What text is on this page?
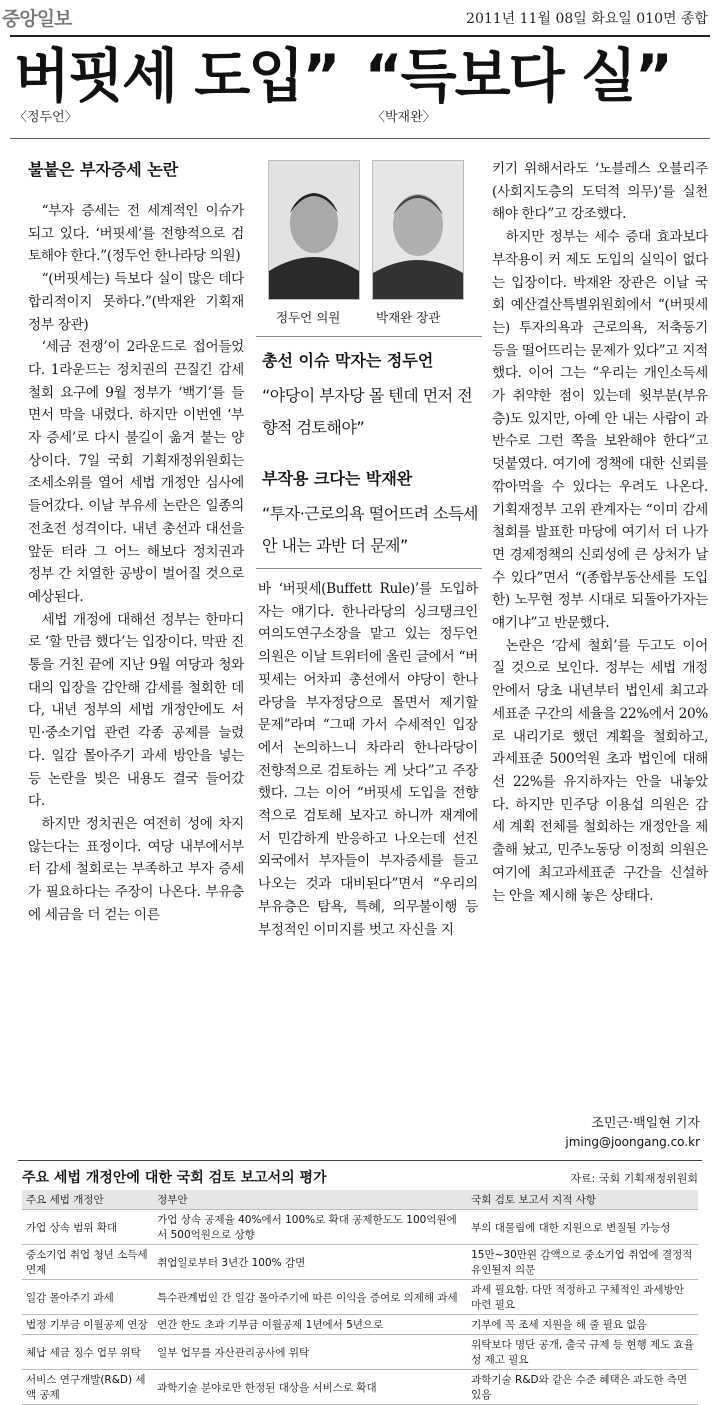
중앙일보	2011년 11월 08일 화요일 010면 종합
버핏세 도입” “득보다 실”
〈정두언〉	〈박재완〉
불붙은 부자증세 논란

“부자 증세는 전 세계적인 이슈가 되고 있다. ‘버핏세’를 전향적으로 검토해야 한다.”(정두언 한나라당 의원)

“(버핏세는) 득보다 실이 많은 데다 합리적이지 못하다.”(박재완 기획재정부 장관)

‘세금 전쟁’이 2라운드로 접어들었다. 1라운드는 정치권의 끈질긴 감세 철회 요구에 9월 정부가 ‘백기’를 들면서 막을 내렸다. 하지만 이번엔 ‘부자 증세’로 다시 불길이 옮겨 붙는 양상이다. 7일 국회 기획재정위원회는 조세소위를 열어 세법 개정안 심사에 들어갔다. 이날 부유세 논란은 일종의 전초전 성격이다. 내년 총선과 대선을 앞둔 터라 그 어느 해보다 정치권과 정부 간 치열한 공방이 벌어질 것으로 예상된다.

세법 개정에 대해선 정부는 한마디로 ‘할 만큼 했다’는 입장이다. 막판 진통을 거친 끝에 지난 9월 여당과 청와대의 입장을 감안해 감세를 철회한 데다, 내년 정부의 세법 개정안에도 서민·중소기업 관련 각종 공제를 늘렸다. 일감 몰아주기 과세 방안을 넣는 등 논란을 빚은 내용도 결국 들어갔다.

하지만 정치권은 여전히 성에 차지 않는다는 표정이다. 여당 내부에서부터 감세 철회로는 부족하고 부자 증세가 필요하다는 주장이 나온다. 부유층에 세금을 더 걷는 이른

정두언 의원	박재완 장관
총선 이슈 막자는 정두언
“야당이 부자당 몰 텐데 먼저 전향적 검토해야”
부작용 크다는 박재완
“투자·근로의욕 떨어뜨려 소득세 안 내는 과반 더 문제”

바 ‘버핏세(Buffett Rule)’를 도입하자는 얘기다. 한나라당의 싱크탱크인 여의도연구소장을 맡고 있는 정두언 의원은 이날 트위터에 올린 글에서 “버핏세는 어차피 총선에서 야당이 한나라당을 부자정당으로 몰면서 제기할 문제”라며 “그때 가서 수세적인 입장에서 논의하느니 차라리 한나라당이 전향적으로 검토하는 게 낫다”고 주장했다. 그는 이어 “버핏세 도입을 전향적으로 검토해 보자고 하니까 재계에서 민감하게 반응하고 나오는데 선진 외국에서 부자들이 부자증세를 들고 나오는 것과 대비된다”면서 “우리의 부유층은 탐욕, 특혜, 의무불이행 등 부정적인 이미지를 벗고 자신을 지

키기 위해서라도 ‘노블레스 오블리주(사회지도층의 도덕적 의무)’를 실천해야 한다”고 강조했다.

하지만 정부는 세수 증대 효과보다 부작용이 커 제도 도입의 실익이 없다는 입장이다. 박재완 장관은 이날 국회 예산결산특별위원회에서 “(버핏세는) 투자의욕과 근로의욕, 저축동기 등을 떨어뜨리는 문제가 있다”고 지적했다. 이어 그는 “우리는 개인소득세가 취약한 점이 있는데 윗부분(부유층)도 있지만, 아예 안 내는 사람이 과반수로 그런 쪽을 보완해야 한다”고 덧붙였다. 여기에 정책에 대한 신뢰를 깎아먹을 수 있다는 우려도 나온다. 기획재정부 고위 관계자는 “이미 감세 철회를 발표한 마당에 여기서 더 나가면 경제정책의 신뢰성에 큰 상처가 날 수 있다”면서 “(종합부동산세를 도입한) 노무현 정부 시대로 되돌아가자는 얘기냐”고 반문했다.

논란은 ‘감세 철회’를 두고도 이어질 것으로 보인다. 정부는 세법 개정안에서 당초 내년부터 법인세 최고과세표준 구간의 세율을 22%에서 20%로 내리기로 했던 계획을 철회하고, 과세표준 500억원 초과 법인에 대해선 22%를 유지하자는 안을 내놓았다. 하지만 민주당 이용섭 의원은 감세 계획 전체를 철회하는 개정안을 제출해 놨고, 민주노동당 이정희 의원은 여기에 최고과세표준 구간을 신설하는 안을 제시해 놓은 상태다.

조민근·백일현 기자
jming@joongang.co.kr
주요 세법 개정안에 대한 국회 검토 보고서의 평가	자료: 국회 기획재정위원회
주요 세법 개정안	정부안	국회 검토 보고서 지적 사항
가업 상속 범위 확대	가업 상속 공제율 40%에서 100%로 확대 공제한도도 100억원에서 500억원으로 상향	부의 대물림에 대한 지원으로 변질될 가능성
중소기업 취업 청년 소득세 면제	취업일로부터 3년간 100% 감면	15만~30만원 감액으로 중소기업 취업에 결정적 유인될지 의문
일감 몰아주기 과세	특수관계법인 간 일감 몰아주기에 따른 이익을 증여로 의제해 과세	과세 필요함. 다만 적정하고 구체적인 과세방안 마련 필요
법정 기부금 이월공제 연장	연간 한도 초과 기부금 이월공제 1년에서 5년으로	기부에 꼭 조세 지원을 해 줄 필요 없음
체납 세금 징수 업무 위탁	일부 업무를 자산관리공사에 위탁	위탁보다 명단 공개, 출국 규제 등 현행 제도 효율성 제고 필요
서비스 연구개발(R&D) 세액 공제	과학기술 분야로만 한정된 대상을 서비스로 확대	과학기술 R&D와 같은 수준 혜택은 과도한 측면 있음
